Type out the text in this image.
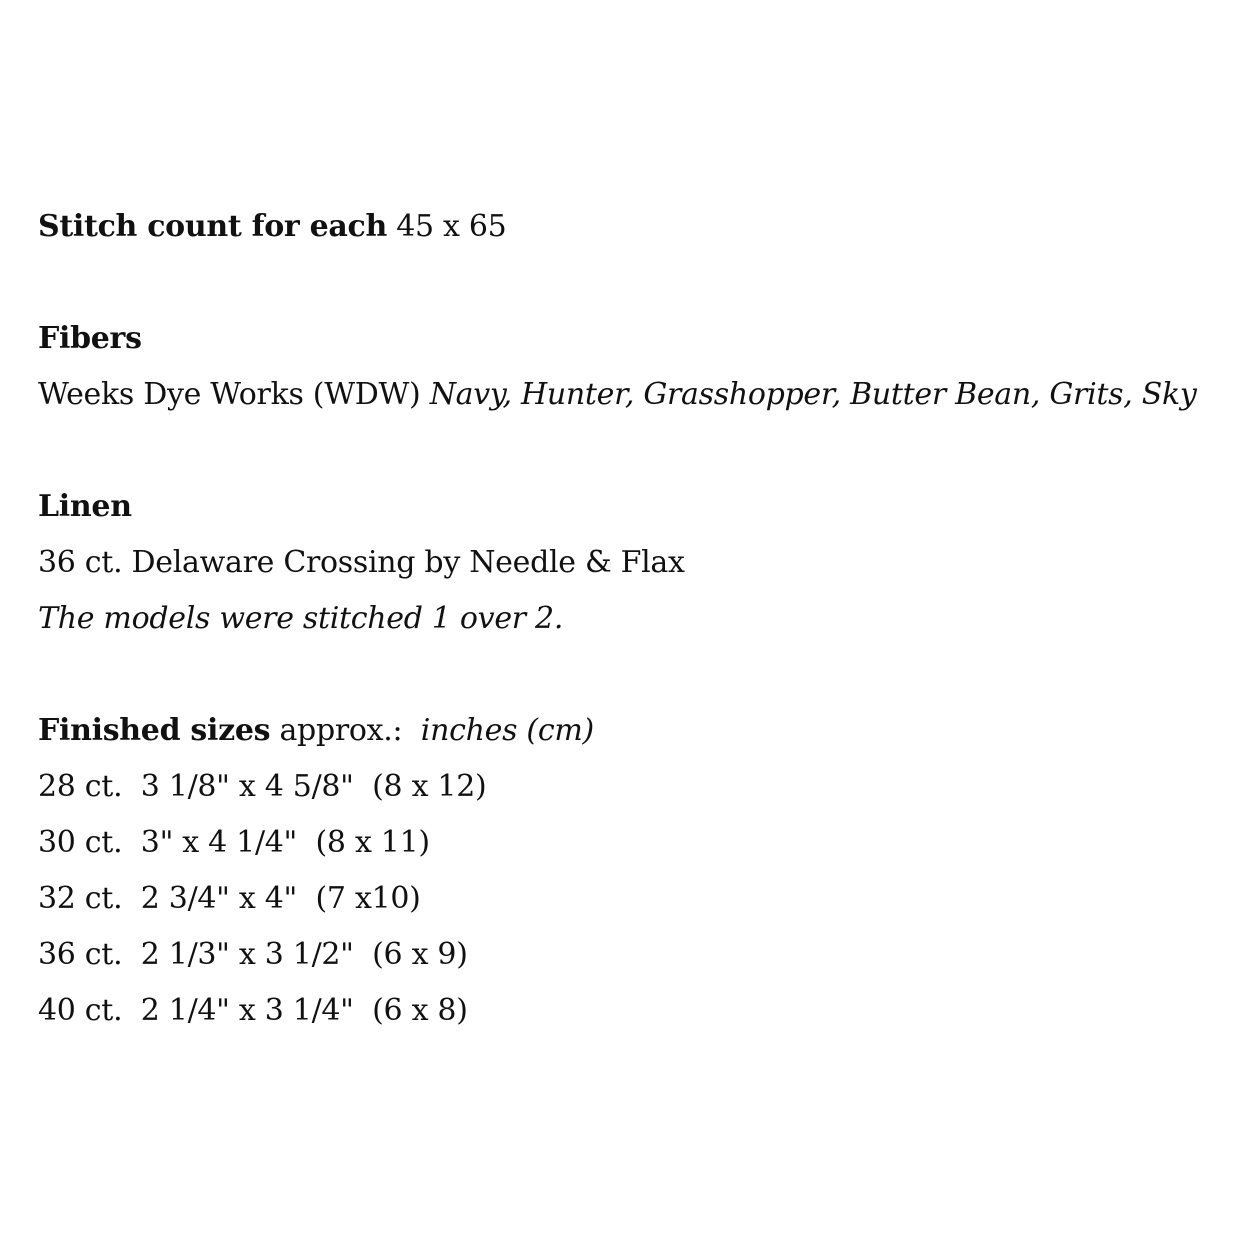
Stitch count for each 45 x 65
Fibers
Weeks Dye Works (WDW) Navy, Hunter, Grasshopper, Butter Bean, Grits, Sky
Linen
36 ct. Delaware Crossing by Needle & Flax
The models were stitched 1 over 2.
Finished sizes approx.:  inches (cm)
28 ct.  3 1/8" x 4 5/8"  (8 x 12)
30 ct.  3" x 4 1/4"  (8 x 11)
32 ct.  2 3/4" x 4"  (7 x10)
36 ct.  2 1/3" x 3 1/2"  (6 x 9)
40 ct.  2 1/4" x 3 1/4"  (6 x 8)
